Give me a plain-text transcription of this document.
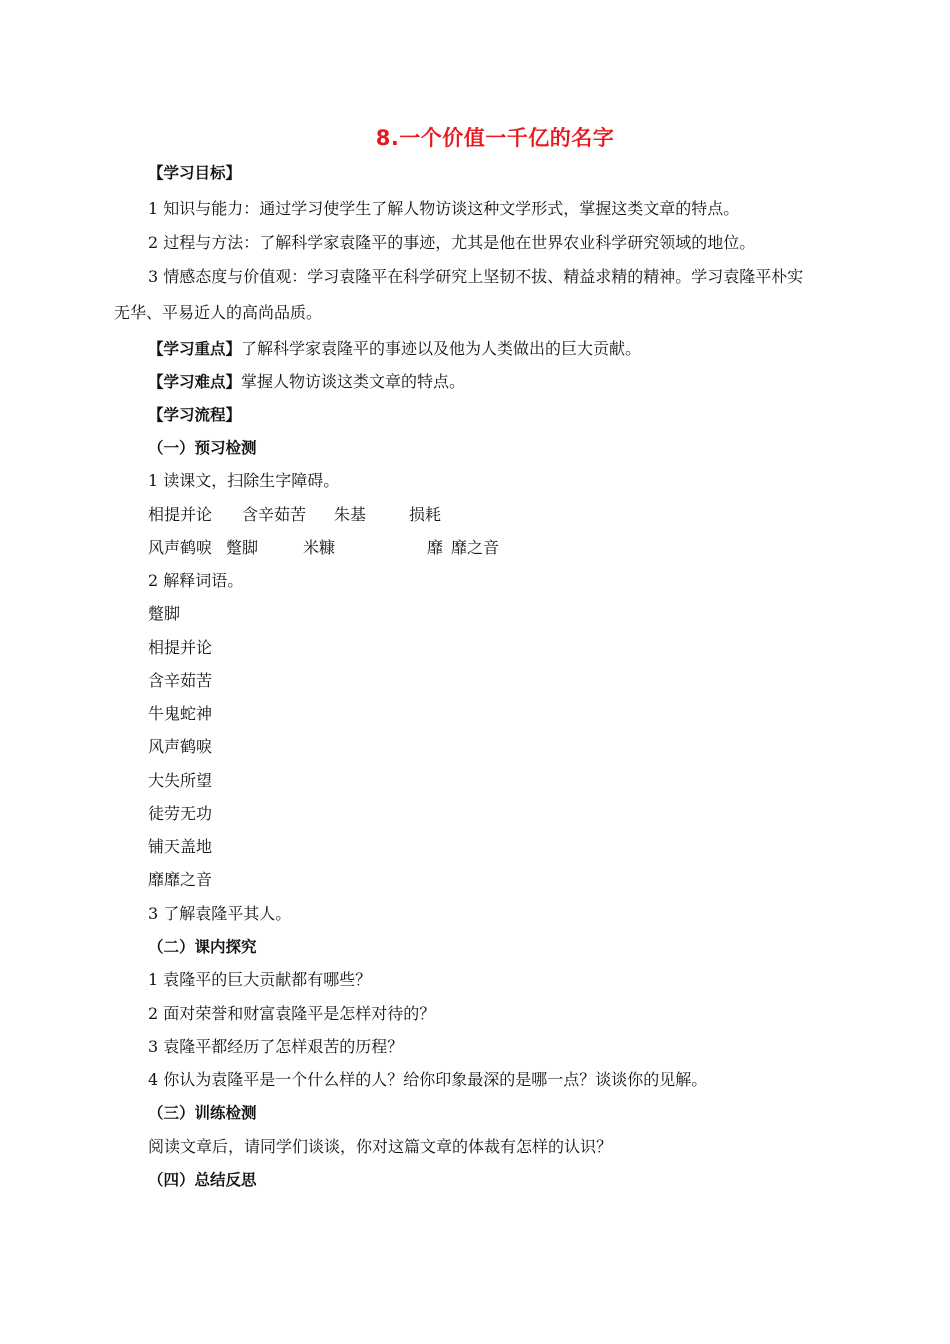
8.一个价值一千亿的名字
【学习目标】
1 知识与能力：通过学习使学生了解人物访谈这种文学形式，掌握这类文章的特点。
2 过程与方法：了解科学家袁隆平的事迹，尤其是他在世界农业科学研究领域的地位。
3 情感态度与价值观：学习袁隆平在科学研究上坚韧不拔、精益求精的精神。学习袁隆平朴实
无华、平易近人的高尚品质。
【学习重点】了解科学家袁隆平的事迹以及他为人类做出的巨大贡献。
【学习难点】掌握人物访谈这类文章的特点。
【学习流程】
（一）预习检测
1 读课文，扫除生字障碍。
相提并论 含辛茹苦 朱基	损耗
风声鹤唳 蹩脚	米糠	靡 靡之音
2 解释词语。
蹩脚
相提并论
含辛茹苦
牛鬼蛇神
风声鹤唳
大失所望
徒劳无功
铺天盖地
靡靡之音
3 了解袁隆平其人。
（二）课内探究
1 袁隆平的巨大贡献都有哪些？
2 面对荣誉和财富袁隆平是怎样对待的？
3 袁隆平都经历了怎样艰苦的历程？
4 你认为袁隆平是一个什么样的人？给你印象最深的是哪一点？谈谈你的见解。
（三）训练检测
阅读文章后，请同学们谈谈，你对这篇文章的体裁有怎样的认识？
（四）总结反思
